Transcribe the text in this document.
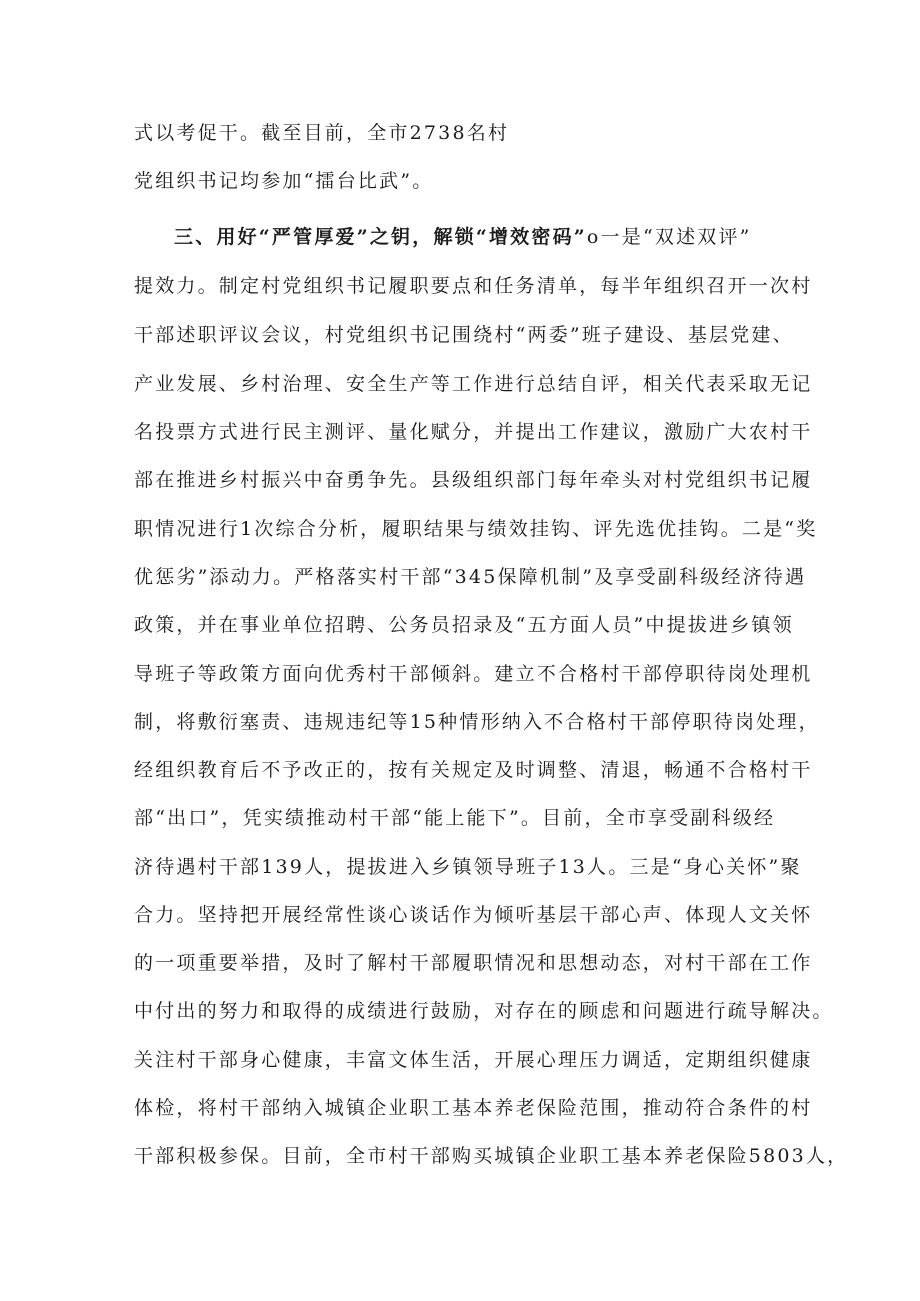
式以考促干。截至目前，全市2738名村
党组织书记均参加“擂台比武”。
三、用好“严管厚爱”之钥，解锁“增效密码”o一是“双述双评”
提效力。制定村党组织书记履职要点和任务清单，每半年组织召开一次村
干部述职评议会议，村党组织书记围绕村“两委”班子建设、基层党建、
产业发展、乡村治理、安全生产等工作进行总结自评，相关代表采取无记
名投票方式进行民主测评、量化赋分，并提出工作建议，激励广大农村干
部在推进乡村振兴中奋勇争先。县级组织部门每年牵头对村党组织书记履
职情况进行1次综合分析，履职结果与绩效挂钩、评先选优挂钩。二是“奖
优惩劣”添动力。严格落实村干部“345保障机制”及享受副科级经济待遇
政策，并在事业单位招聘、公务员招录及“五方面人员”中提拔进乡镇领
导班子等政策方面向优秀村干部倾斜。建立不合格村干部停职待岗处理机
制，将敷衍塞责、违规违纪等15种情形纳入不合格村干部停职待岗处理，
经组织教育后不予改正的，按有关规定及时调整、清退，畅通不合格村干
部“出口”，凭实绩推动村干部“能上能下”。目前，全市享受副科级经
济待遇村干部139人，提拔进入乡镇领导班子13人。三是“身心关怀”聚
合力。坚持把开展经常性谈心谈话作为倾听基层干部心声、体现人文关怀
的一项重要举措，及时了解村干部履职情况和思想动态，对村干部在工作
中付出的努力和取得的成绩进行鼓励，对存在的顾虑和问题进行疏导解决。
关注村干部身心健康，丰富文体生活，开展心理压力调适，定期组织健康
体检，将村干部纳入城镇企业职工基本养老保险范围，推动符合条件的村
干部积极参保。目前，全市村干部购买城镇企业职工基本养老保险5803人，
